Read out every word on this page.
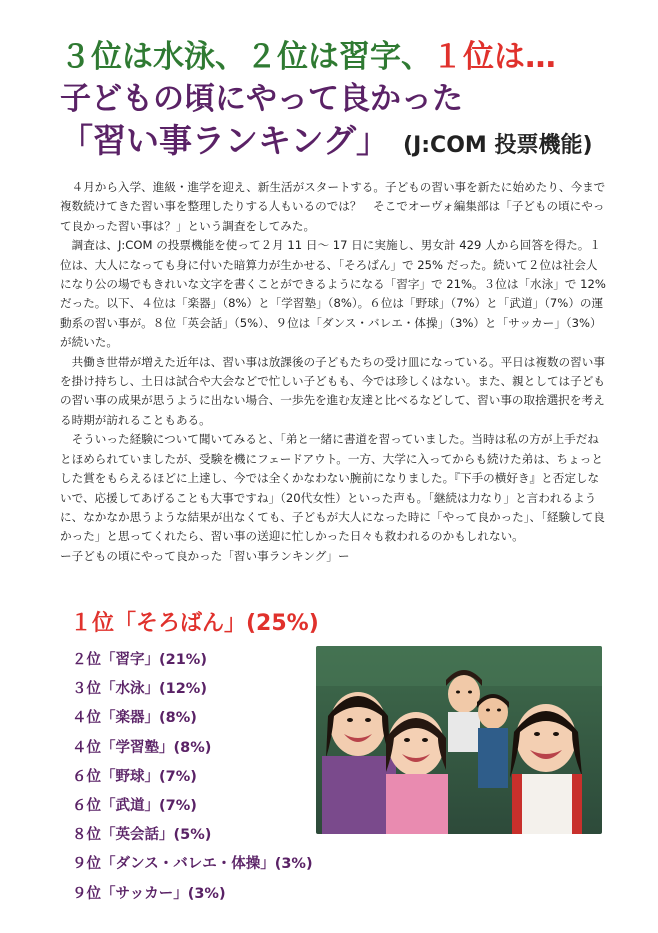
３位は水泳、２位は習字、１位は…
子どもの頃にやって良かった
「習い事ランキング」 (J:COM 投票機能)

４月から入学、進級・進学を迎え、新生活がスタートする。子どもの習い事を新たに始めたり、今まで複数続けてきた習い事を整理したりする人もいるのでは？　そこでオーヴォ編集部は「子どもの頃にやって良かった習い事は？」という調査をしてみた。

調査は、J:COM の投票機能を使って２月 11 日～ 17 日に実施し、男女計 429 人から回答を得た。１位は、大人になっても身に付いた暗算力が生かせる、「そろばん」で 25% だった。続いて２位は社会人になり公の場でもきれいな文字を書くことができるようになる「習字」で 21%。３位は「水泳」で 12% だった。以下、４位は「楽器」（8%）と「学習塾」（8%）。６位は「野球」（7%）と「武道」（7%）の運動系の習い事が。８位「英会話」（5%）、９位は「ダンス・バレエ・体操」（3%）と「サッカー」（3%）が続いた。

共働き世帯が増えた近年は、習い事は放課後の子どもたちの受け皿になっている。平日は複数の習い事を掛け持ちし、土日は試合や大会などで忙しい子どもも、今では珍しくはない。また、親としては子どもの習い事の成果が思うように出ない場合、一歩先を進む友達と比べるなどして、習い事の取捨選択を考える時期が訪れることもある。

そういった経験について聞いてみると、「弟と一緒に書道を習っていました。当時は私の方が上手だねとほめられていましたが、受験を機にフェードアウト。一方、大学に入ってからも続けた弟は、ちょっとした賞をもらえるほどに上達し、今では全くかなわない腕前になりました。『下手の横好き』と否定しないで、応援してあげることも大事ですね」（20代女性）といった声も。「継続は力なり」と言われるように、なかなか思うような結果が出なくても、子どもが大人になった時に「やって良かった」、「経験して良かった」と思ってくれたら、習い事の送迎に忙しかった日々も救われるのかもしれない。

ー子どもの頃にやって良かった「習い事ランキング」ー

１位「そろばん」(25%)
２位「習字」(21%)
３位「水泳」(12%)
４位「楽器」(8%)
４位「学習塾」(8%)
６位「野球」(7%)
６位「武道」(7%)
８位「英会話」(5%)
９位「ダンス・バレエ・体操」(3%)
９位「サッカー」(3%)
